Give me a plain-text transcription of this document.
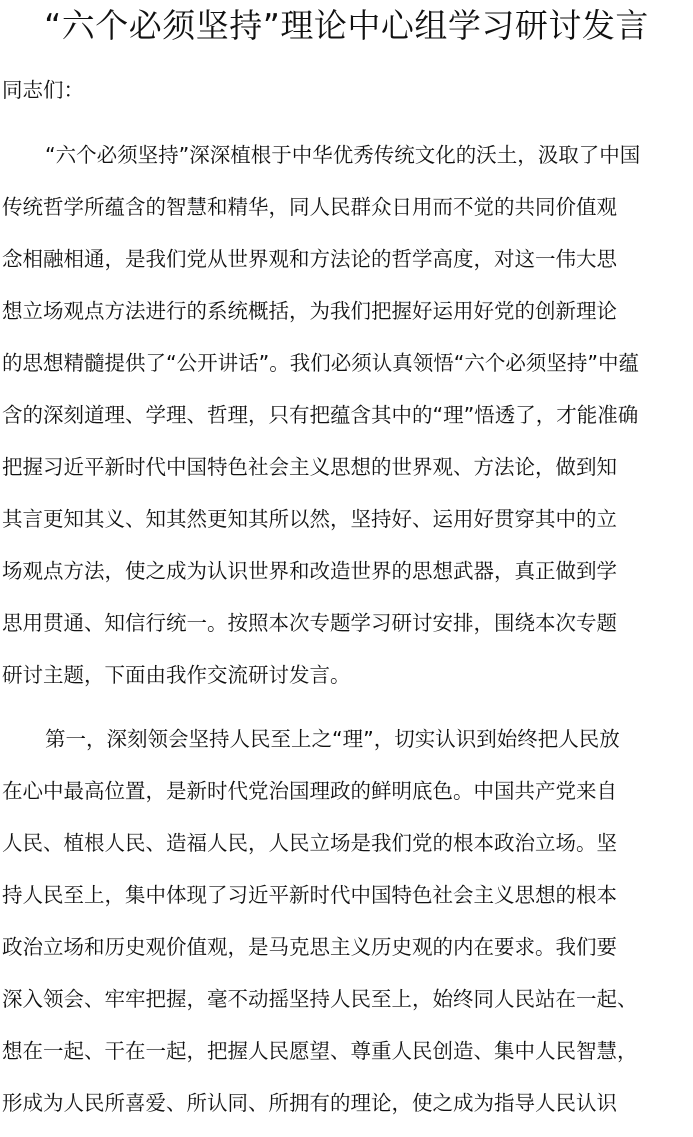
“六个必须坚持”理论中心组学习研讨发言

同志们：

“六个必须坚持”深深植根于中华优秀传统文化的沃土，汲取了中国
传统哲学所蕴含的智慧和精华，同人民群众日用而不觉的共同价值观
念相融相通，是我们党从世界观和方法论的哲学高度，对这一伟大思
想立场观点方法进行的系统概括，为我们把握好运用好党的创新理论
的思想精髓提供了“公开讲话”。我们必须认真领悟“六个必须坚持”中蕴
含的深刻道理、学理、哲理，只有把蕴含其中的“理”悟透了，才能准确
把握习近平新时代中国特色社会主义思想的世界观、方法论，做到知
其言更知其义、知其然更知其所以然，坚持好、运用好贯穿其中的立
场观点方法，使之成为认识世界和改造世界的思想武器，真正做到学
思用贯通、知信行统一。按照本次专题学习研讨安排，围绕本次专题
研讨主题，下面由我作交流研讨发言。
第一，深刻领会坚持人民至上之“理”，切实认识到始终把人民放
在心中最高位置，是新时代党治国理政的鲜明底色。中国共产党来自
人民、植根人民、造福人民，人民立场是我们党的根本政治立场。坚
持人民至上，集中体现了习近平新时代中国特色社会主义思想的根本
政治立场和历史观价值观，是马克思主义历史观的内在要求。我们要
深入领会、牢牢把握，毫不动摇坚持人民至上，始终同人民站在一起、
想在一起、干在一起，把握人民愿望、尊重人民创造、集中人民智慧，
形成为人民所喜爱、所认同、所拥有的理论，使之成为指导人民认识
